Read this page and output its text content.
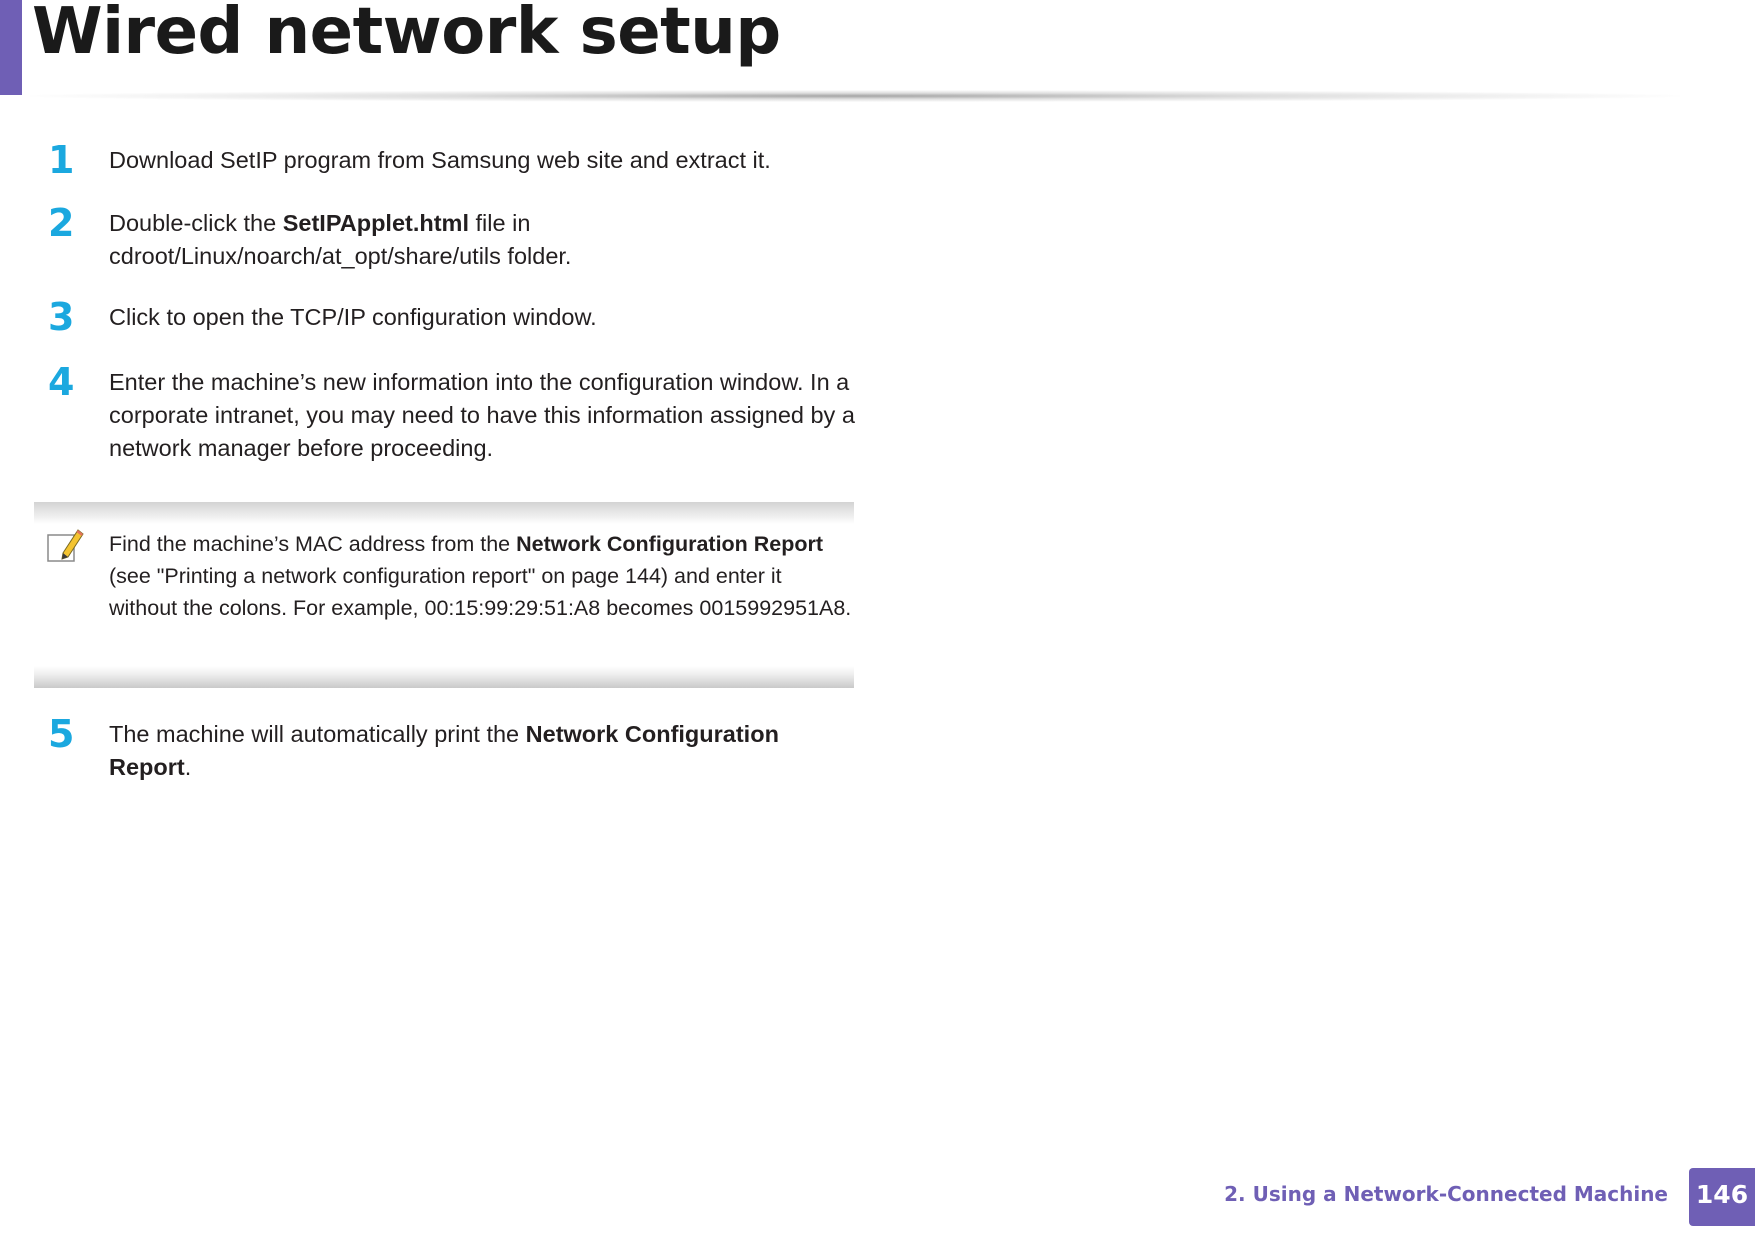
Wired network setup
1	Download SetIP program from Samsung web site and extract it.
2	Double-click the SetIPApplet.html file in cdroot/Linux/noarch/at_opt/share/utils folder.
3	Click to open the TCP/IP configuration window.
4	Enter the machine’s new information into the configuration window. In a corporate intranet, you may need to have this information assigned by a network manager before proceeding.
Find the machine’s MAC address from the Network Configuration Report (see "Printing a network configuration report" on page 144) and enter it without the colons. For example, 00:15:99:29:51:A8 becomes 0015992951A8.
5	The machine will automatically print the Network Configuration Report.
2. Using a Network-Connected Machine 146
